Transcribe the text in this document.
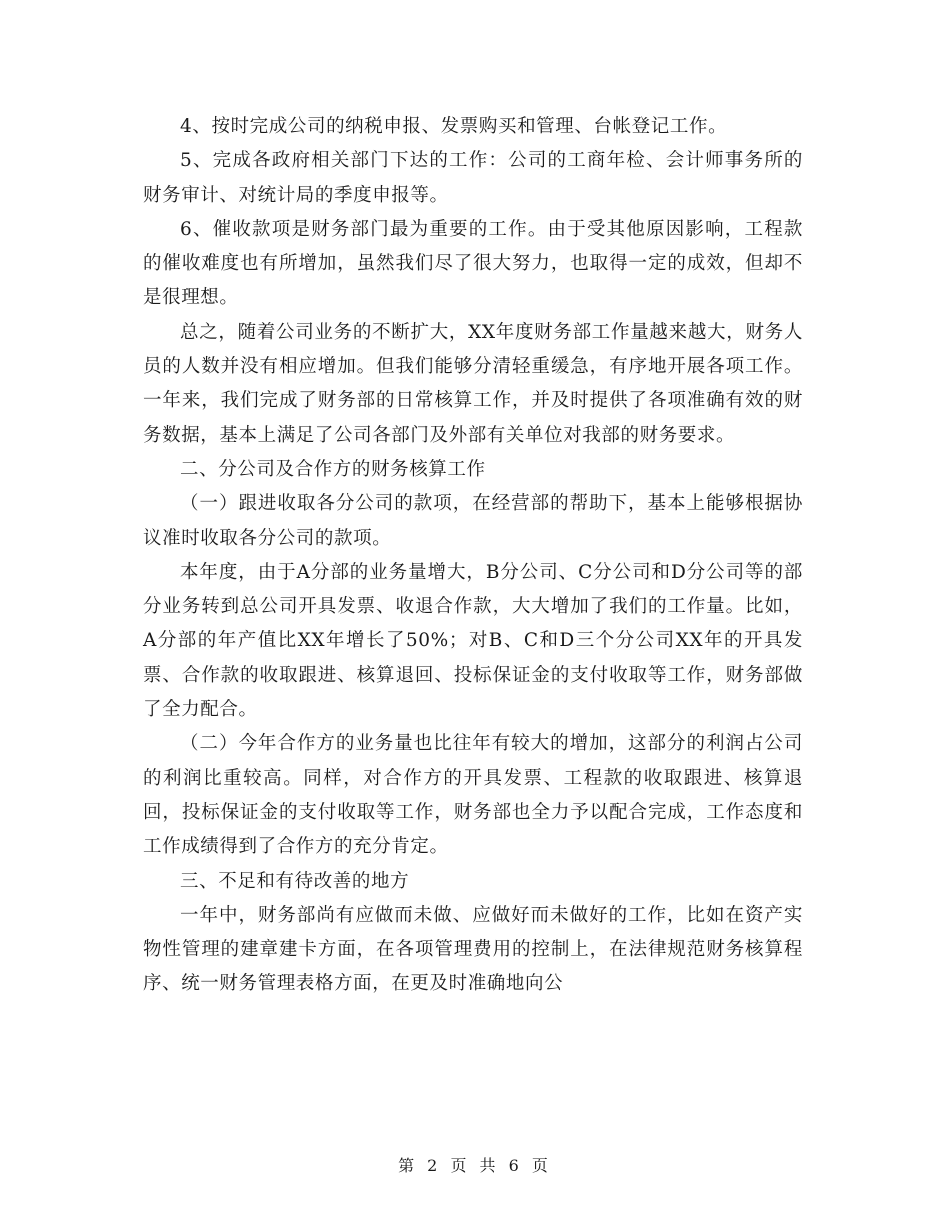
4、按时完成公司的纳税申报、发票购买和管理、台帐登记工作。

5、完成各政府相关部门下达的工作：公司的工商年检、会计师事务所的财务审计、对统计局的季度申报等。

6、催收款项是财务部门最为重要的工作。由于受其他原因影响，工程款的催收难度也有所增加，虽然我们尽了很大努力，也取得一定的成效，但却不是很理想。

总之，随着公司业务的不断扩大，XX年度财务部工作量越来越大，财务人员的人数并没有相应增加。但我们能够分清轻重缓急，有序地开展各项工作。一年来，我们完成了财务部的日常核算工作，并及时提供了各项准确有效的财务数据，基本上满足了公司各部门及外部有关单位对我部的财务要求。

二、分公司及合作方的财务核算工作

（一）跟进收取各分公司的款项，在经营部的帮助下，基本上能够根据协议准时收取各分公司的款项。

本年度，由于A分部的业务量增大，B分公司、C分公司和D分公司等的部分业务转到总公司开具发票、收退合作款，大大增加了我们的工作量。比如，A分部的年产值比XX年增长了50%；对B、C和D三个分公司XX年的开具发票、合作款的收取跟进、核算退回、投标保证金的支付收取等工作，财务部做了全力配合。

（二）今年合作方的业务量也比往年有较大的增加，这部分的利润占公司的利润比重较高。同样，对合作方的开具发票、工程款的收取跟进、核算退回，投标保证金的支付收取等工作，财务部也全力予以配合完成，工作态度和工作成绩得到了合作方的充分肯定。

三、不足和有待改善的地方

一年中，财务部尚有应做而未做、应做好而未做好的工作，比如在资产实物性管理的建章建卡方面，在各项管理费用的控制上，在法律规范财务核算程序、统一财务管理表格方面，在更及时准确地向公

第 2 页 共 6 页
